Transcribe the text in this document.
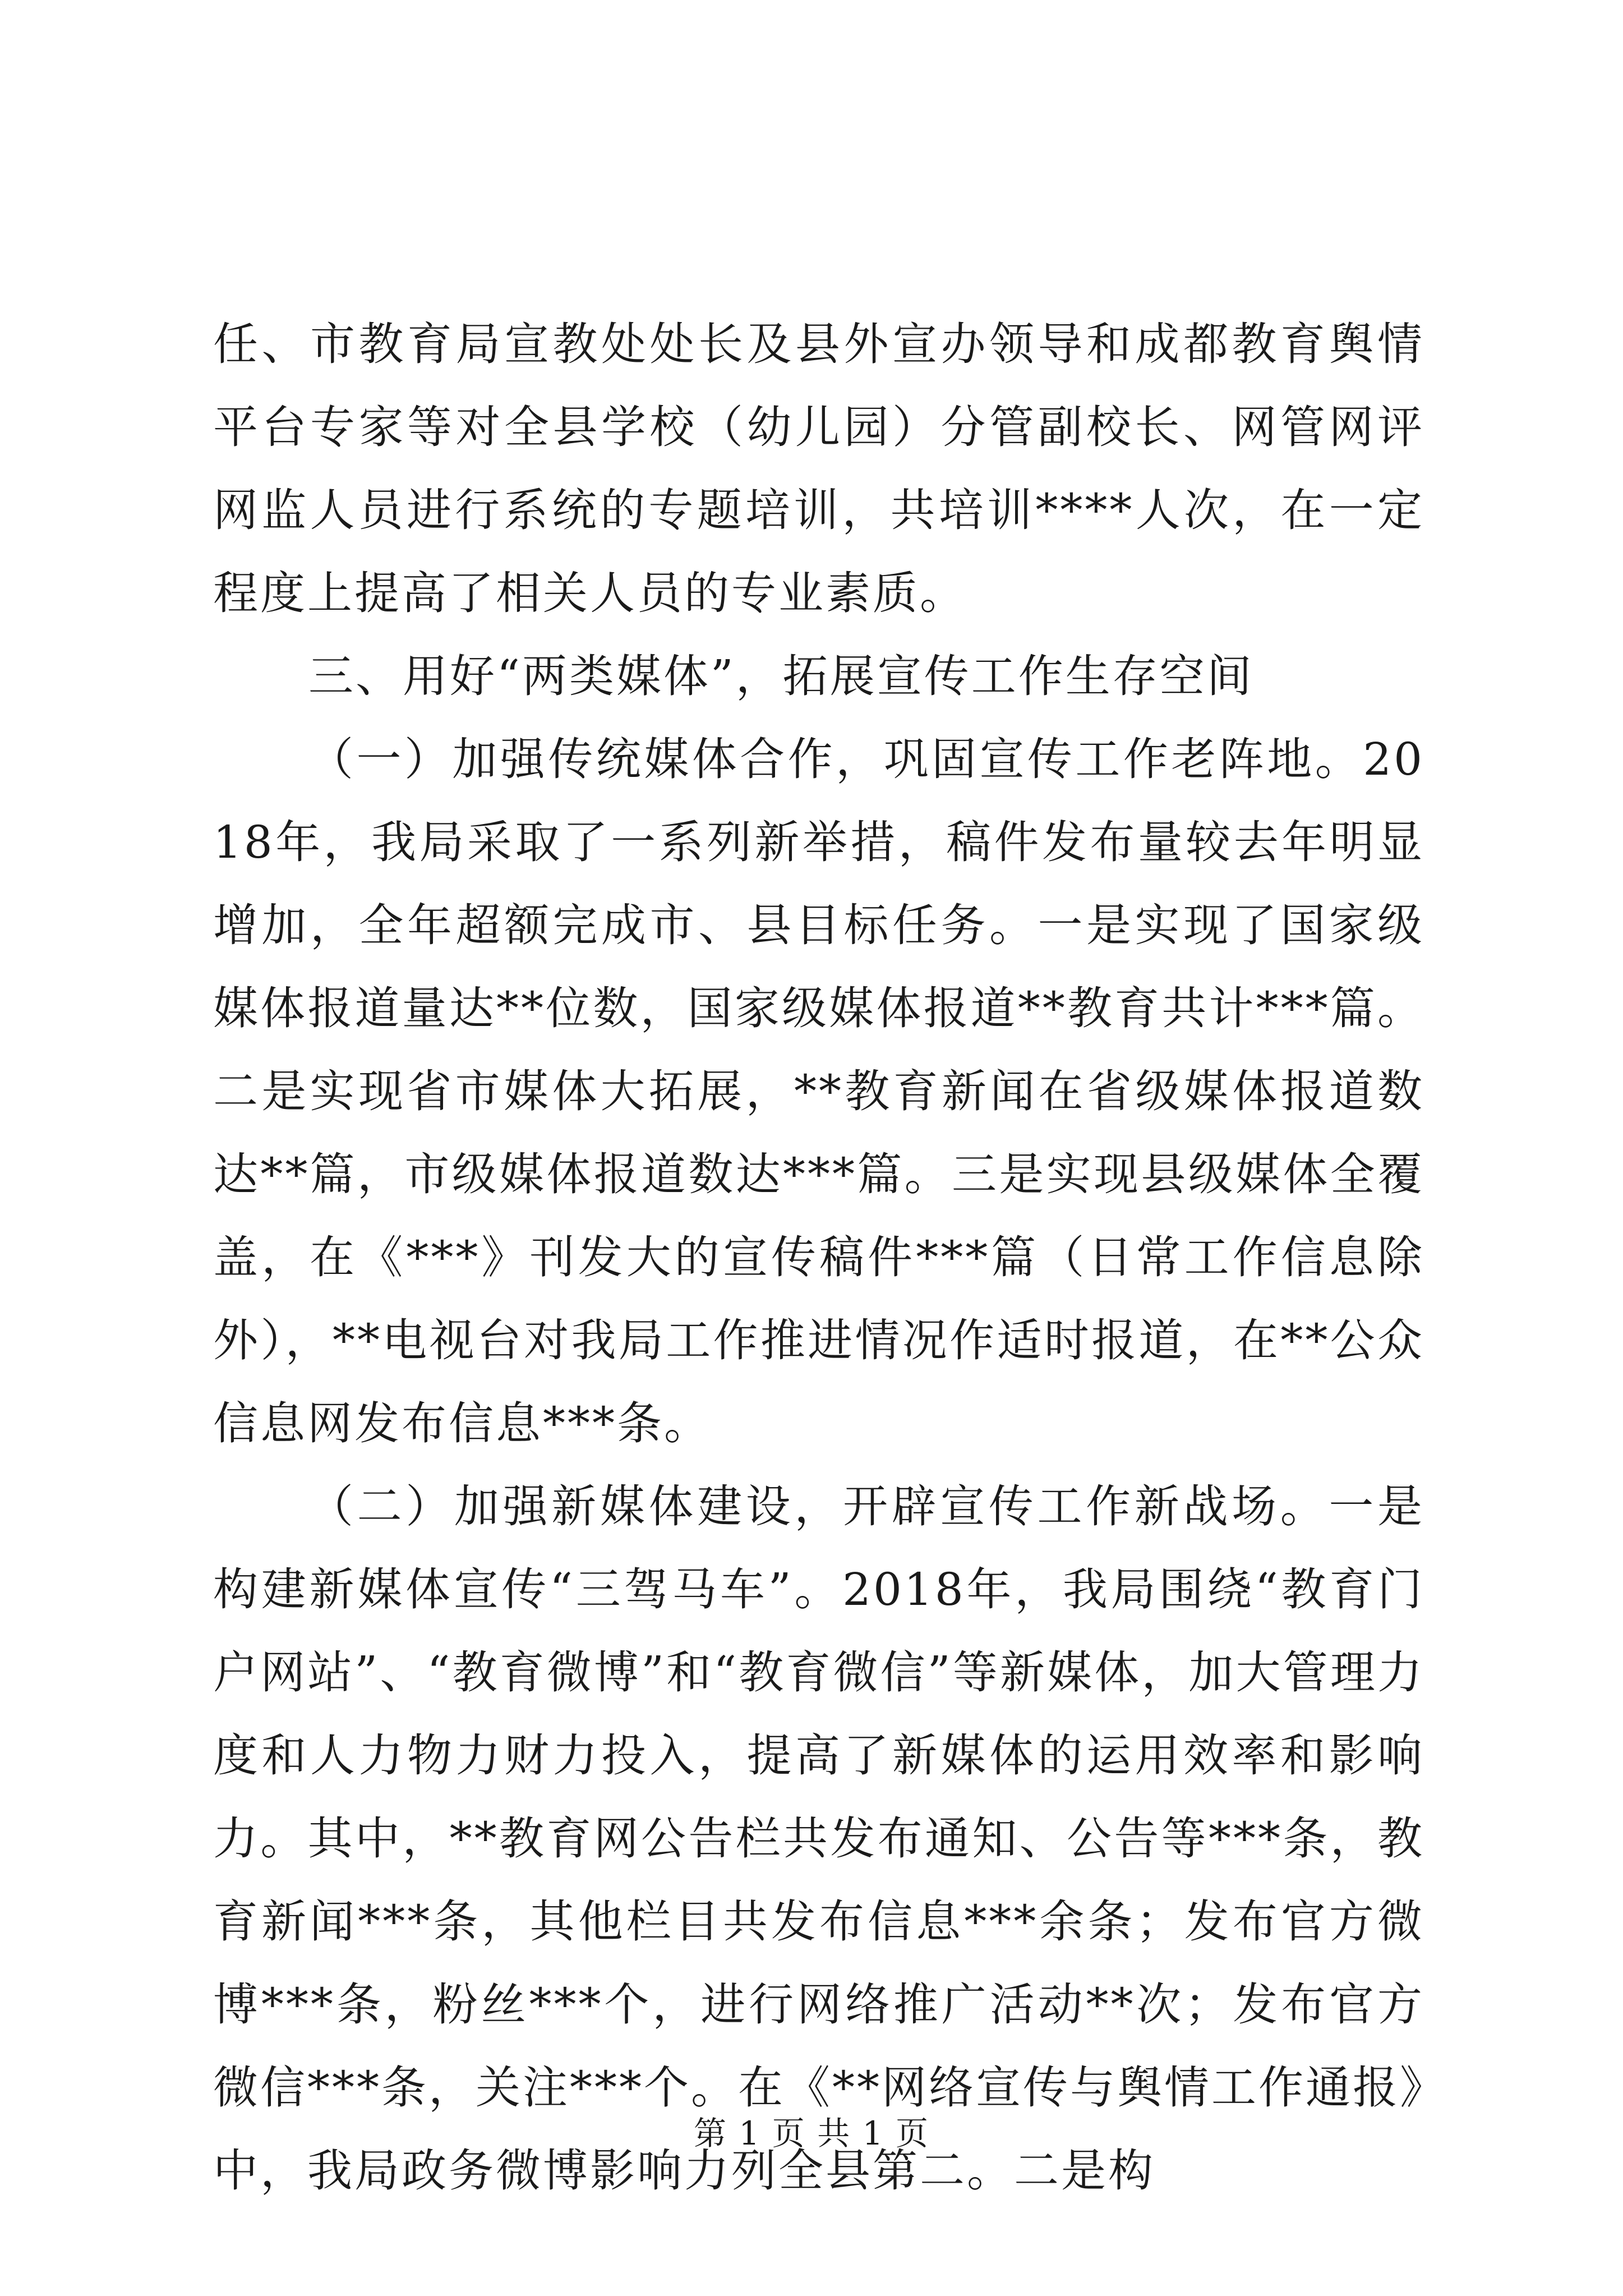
任、市教育局宣教处处长及县外宣办领导和成都教育舆情平台专家等对全县学校（幼儿园）分管副校长、网管网评网监人员进行系统的专题培训，共培训****人次，在一定程度上提高了相关人员的专业素质。

三、用好“两类媒体”，拓展宣传工作生存空间

（一）加强传统媒体合作，巩固宣传工作老阵地。2018年，我局采取了一系列新举措，稿件发布量较去年明显增加，全年超额完成市、县目标任务。一是实现了国家级媒体报道量达**位数，国家级媒体报道**教育共计***篇。二是实现省市媒体大拓展，**教育新闻在省级媒体报道数达**篇，市级媒体报道数达***篇。三是实现县级媒体全覆盖，在《***》刊发大的宣传稿件***篇（日常工作信息除外），**电视台对我局工作推进情况作适时报道，在**公众信息网发布信息***条。

（二）加强新媒体建设，开辟宣传工作新战场。一是构建新媒体宣传“三驾马车”。2018年，我局围绕“教育门户网站”、“教育微博”和“教育微信”等新媒体，加大管理力度和人力物力财力投入，提高了新媒体的运用效率和影响力。其中，**教育网公告栏共发布通知、公告等***条，教育新闻***条，其他栏目共发布信息***余条；发布官方微博***条，粉丝***个，进行网络推广活动**次；发布官方微信***条，关注***个。在《**网络宣传与舆情工作通报》中，我局政务微博影响力列全县第二。二是构

第 1 页 共 1 页
